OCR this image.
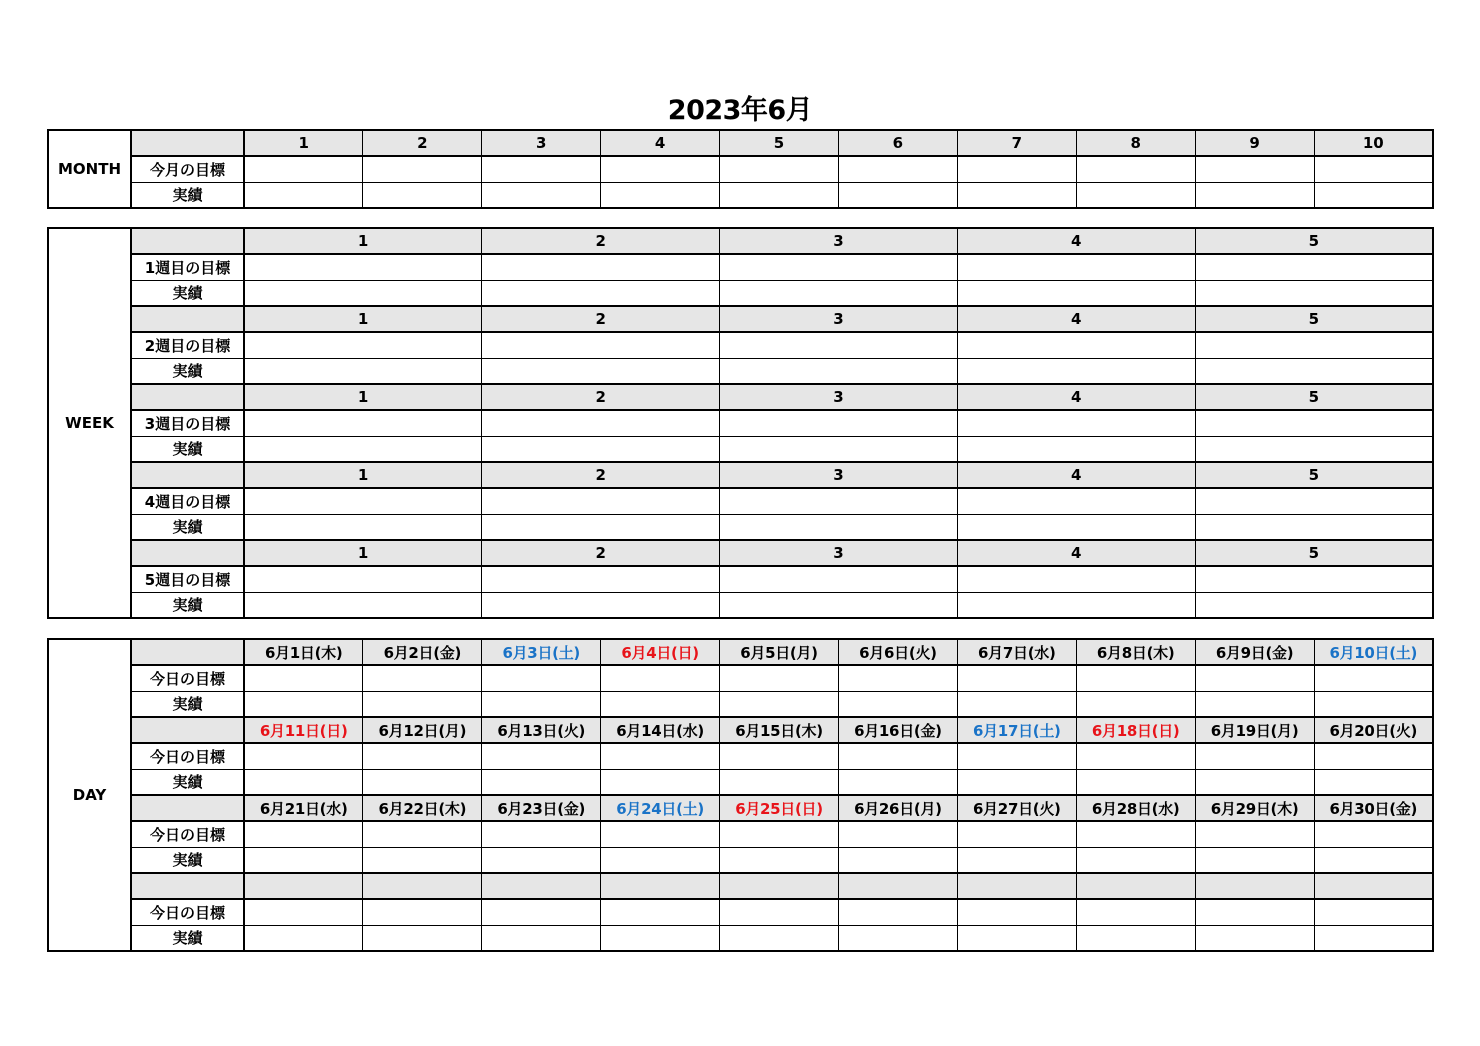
2023年6月
MONTH		1	2	3	4	5	6	7	8	9	10
	今月の目標										
	実績										
WEEK		1	2	3	4	5
	1週目の目標					
	実績					
		1	2	3	4	5
	2週目の目標					
	実績					
		1	2	3	4	5
	3週目の目標					
	実績					
		1	2	3	4	5
	4週目の目標					
	実績					
		1	2	3	4	5
	5週目の目標					
	実績					
DAY		6月1日(木)	6月2日(金)	6月3日(土)	6月4日(日)	6月5日(月)	6月6日(火)	6月7日(水)	6月8日(木)	6月9日(金)	6月10日(土)
	今日の目標										
	実績										
		6月11日(日)	6月12日(月)	6月13日(火)	6月14日(水)	6月15日(木)	6月16日(金)	6月17日(土)	6月18日(日)	6月19日(月)	6月20日(火)
	今日の目標										
	実績										
		6月21日(水)	6月22日(木)	6月23日(金)	6月24日(土)	6月25日(日)	6月26日(月)	6月27日(火)	6月28日(水)	6月29日(木)	6月30日(金)
	今日の目標										
	実績										

	今日の目標										
	実績										
